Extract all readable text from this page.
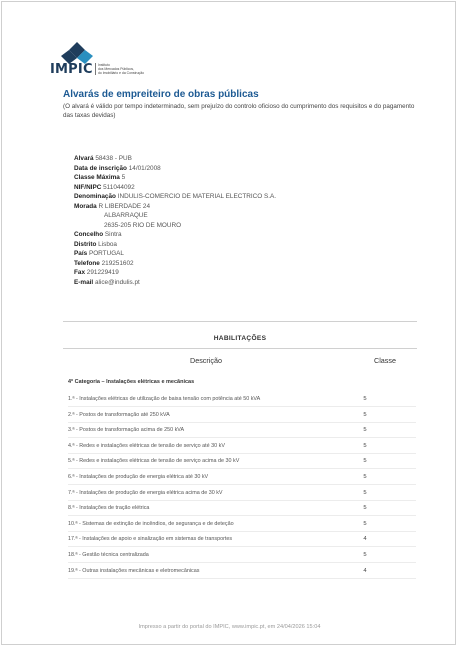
IMPIC Instituto
dos Mercados Públicos,
do Imobiliário e da Construção
Alvarás de empreiteiro de obras públicas
(O alvará é válido por tempo indeterminado, sem prejuízo do controlo oficioso do cumprimento dos requisitos e do pagamento das taxas devidas)
Alvará 58438 - PUB
Data de inscrição 14/01/2008
Classe Máxima 5
NIF/NIPC 511044092
Denominação INDULIS-COMERCIO DE MATERIAL ELECTRICO S.A.
Morada R LIBERDADE 24
ALBARRAQUE
2635-205 RIO DE MOURO
Concelho Sintra
Distrito Lisboa
País PORTUGAL
Telefone 219251602
Fax 291229419
E-mail alice@indulis.pt
HABILITAÇÕES
Descrição	Classe
4ª Categoria – Instalações elétricas e mecânicas
1.ª - Instalações elétricas de utilização de baixa tensão com potência até 50 kVA	5
2.ª - Postos de transformação até 250 kVA	5
3.ª - Postos de transformação acima de 250 kVA	5
4.ª - Redes e instalações elétricas de tensão de serviço até 30 kV	5
5.ª - Redes e instalações elétricas de tensão de serviço acima de 30 kV	5
6.ª - Instalações de produção de energia elétrica até 30 kV	5
7.ª - Instalações de produção de energia elétrica acima de 30 kV	5
8.ª - Instalações de tração elétrica	5
10.ª - Sistemas de extinção de incêndios, de segurança e de deteção	5
17.ª - Instalações de apoio e sinalização em sistemas de transportes	4
18.ª - Gestão técnica centralizada	5
19.ª - Outras instalações mecânicas e eletromecânicas	4
Impresso a partir do portal do IMPIC, www.impic.pt, em 24/04/2026 15:04
